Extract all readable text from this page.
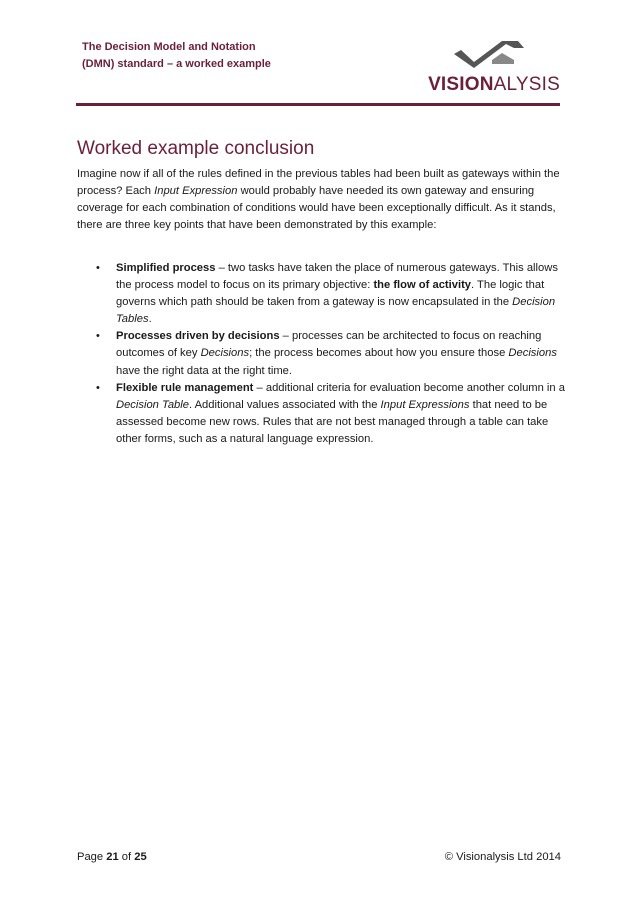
The Decision Model and Notation
(DMN) standard – a worked example
VISIONALYSIS
Worked example conclusion

Imagine now if all of the rules defined in the previous tables had been built as gateways within the process? Each Input Expression would probably have needed its own gateway and ensuring coverage for each combination of conditions would have been exceptionally difficult. As it stands, there are three key points that have been demonstrated by this example:

• Simplified process – two tasks have taken the place of numerous gateways. This allows the process model to focus on its primary objective: the flow of activity. The logic that governs which path should be taken from a gateway is now encapsulated in the Decision Tables.
• Processes driven by decisions – processes can be architected to focus on reaching outcomes of key Decisions; the process becomes about how you ensure those Decisions have the right data at the right time.
• Flexible rule management – additional criteria for evaluation become another column in a Decision Table. Additional values associated with the Input Expressions that need to be assessed become new rows. Rules that are not best managed through a table can take other forms, such as a natural language expression.
Page 21 of 25	© Visionalysis Ltd 2014
